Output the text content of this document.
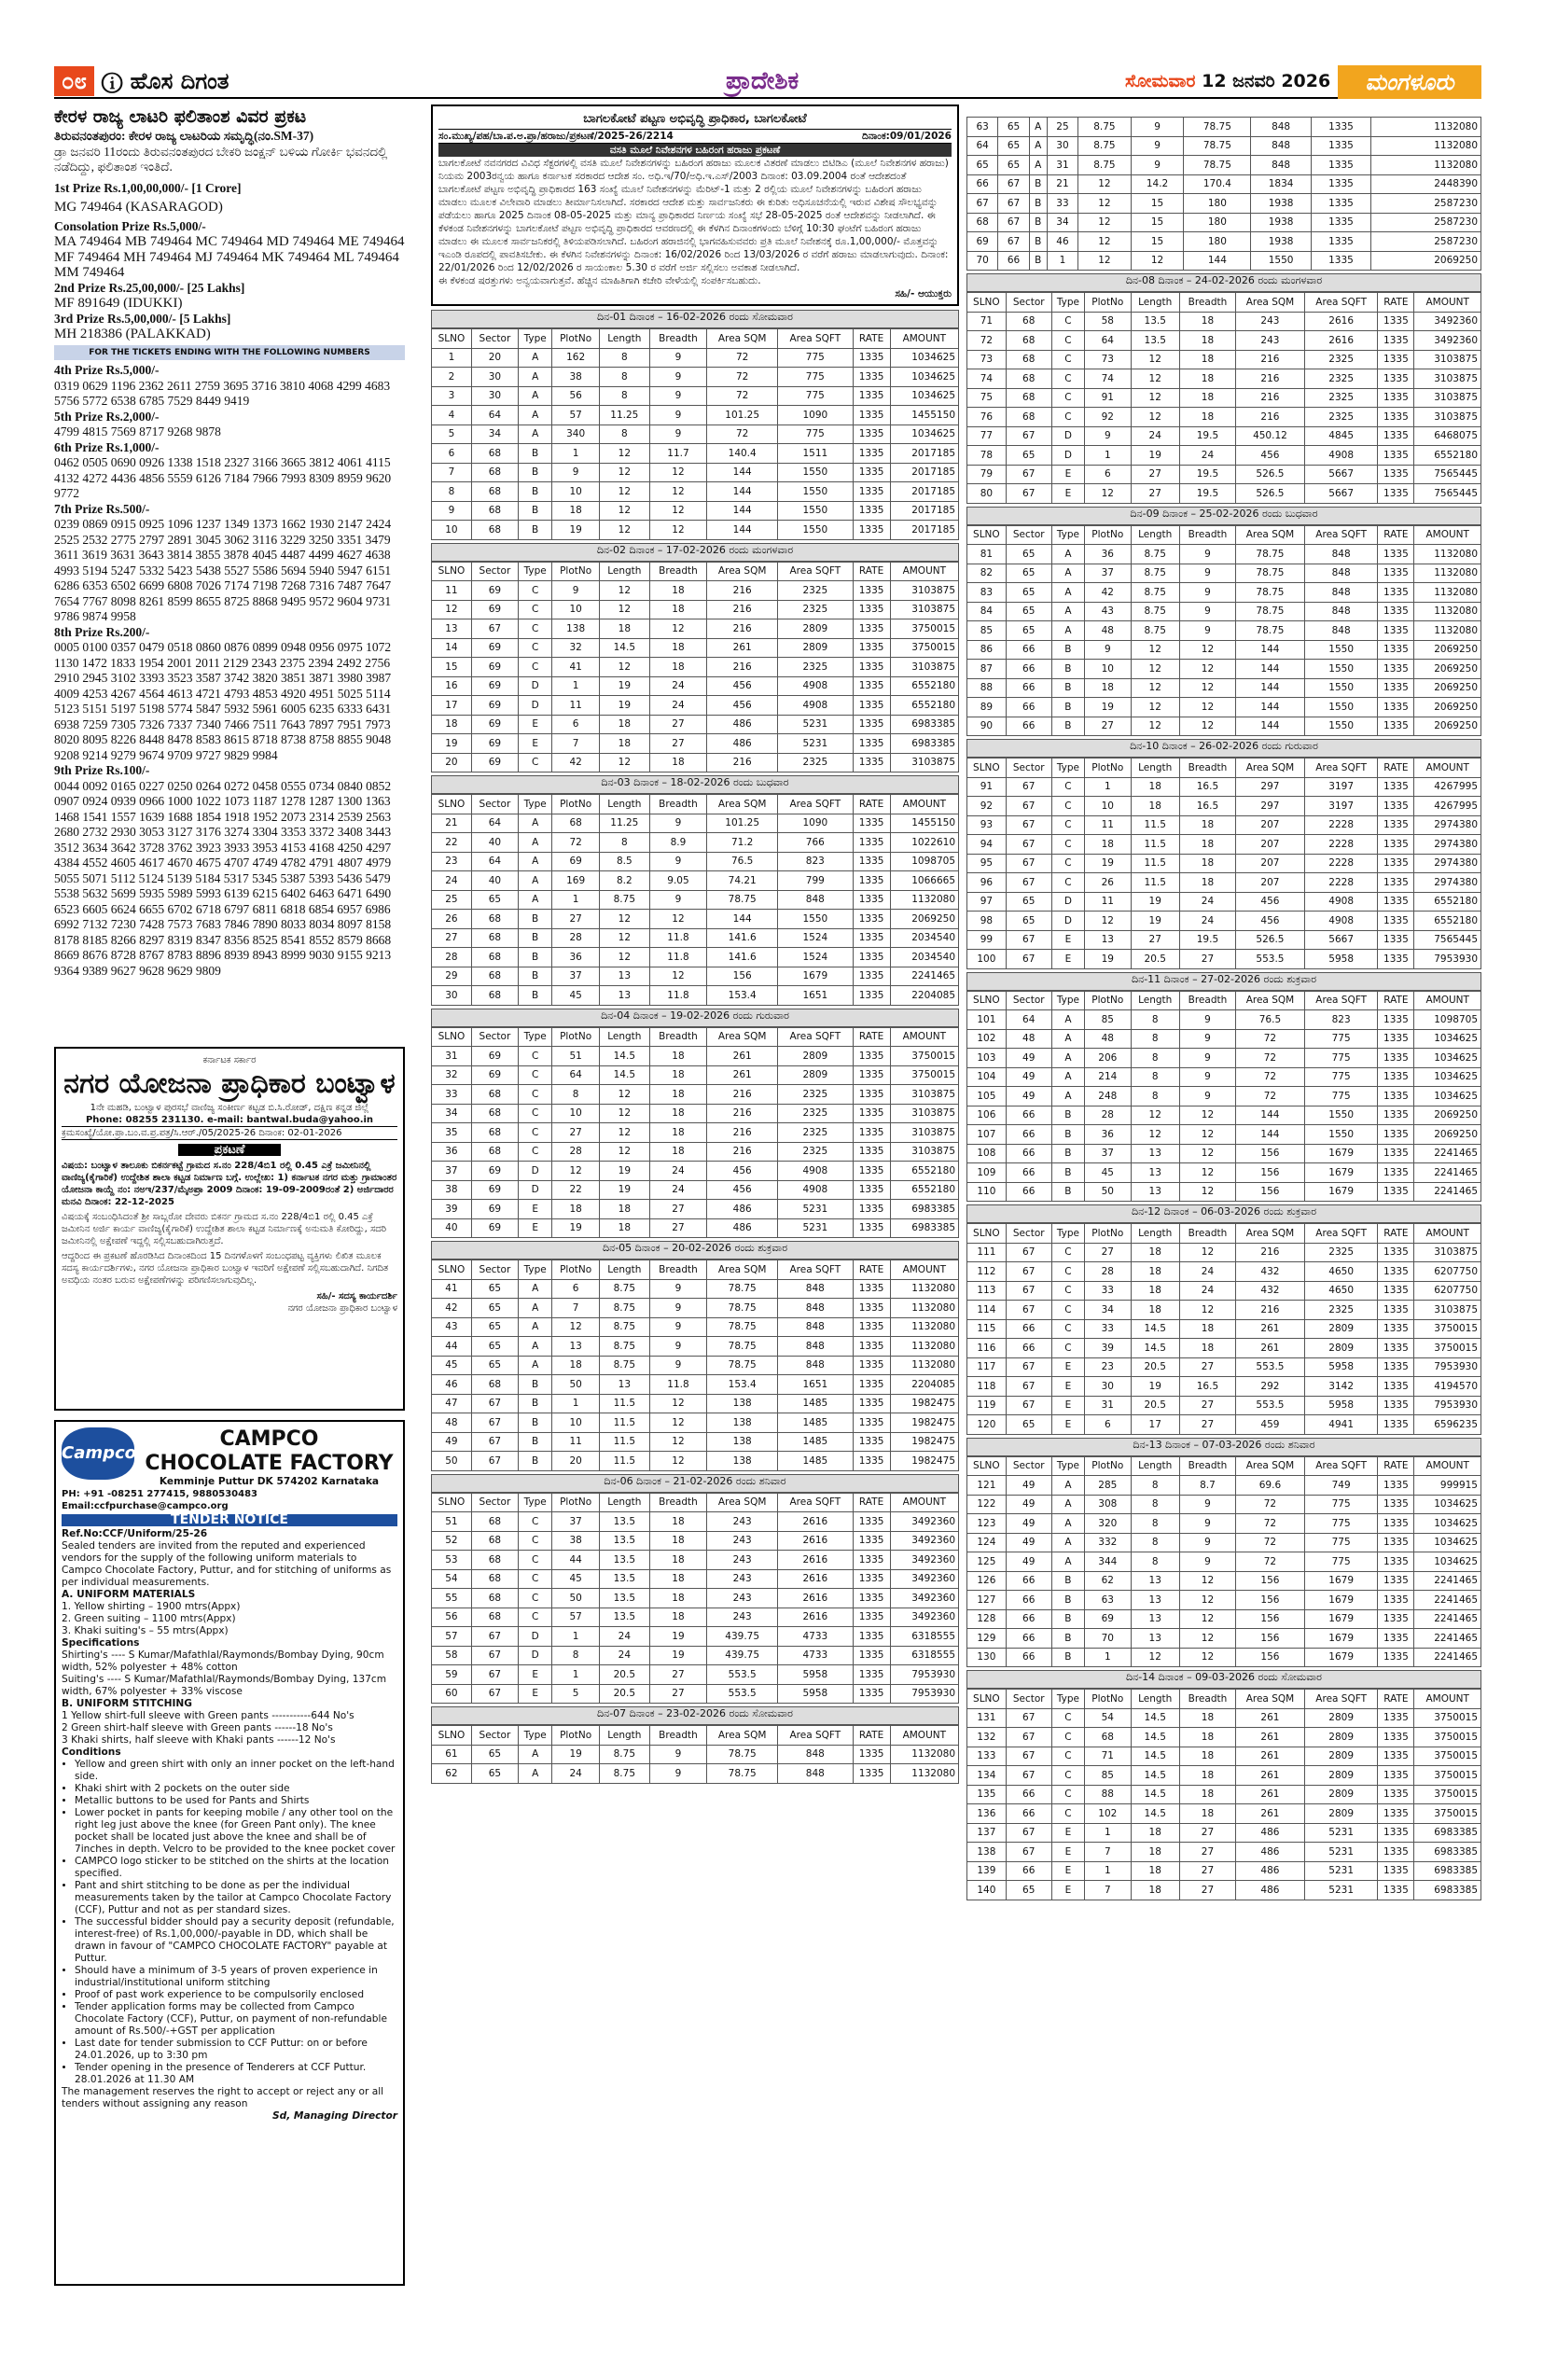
೦೮ ⓘ ಹೊಸ ದಿಗಂತ	ಪ್ರಾದೇಶಿಕ	ಸೋಮವಾರ 12 ಜನವರಿ 2026	ಮಂಗಳೂರು
ಕೇರಳ ರಾಜ್ಯ ಲಾಟರಿ ಫಲಿತಾಂಶ ವಿವರ ಪ್ರಕಟ
ತಿರುವನಂತಪುರಂ: ಕೇರಳ ರಾಜ್ಯ ಲಾಟರಿಯ ಸಮೃದ್ಧಿ(ನಂ.SM-37)
ಡ್ರಾ ಜನವರಿ 11ರಂದು ತಿರುವನಂತಪುರದ ಬೇಕರಿ ಜಂಕ್ಷನ್ ಬಳಿಯ ಗೋರ್ಕಿ ಭವನದಲ್ಲಿ ನಡೆದಿದ್ದು, ಫಲಿತಾಂಶ ಇಂತಿದೆ.
1st Prize Rs.1,00,00,000/- [1 Crore]
MG 749464 (KASARAGOD)
Consolation Prize Rs.5,000/-
MA 749464 MB 749464 MC 749464 MD 749464 ME 749464 MF 749464 MH 749464 MJ 749464 MK 749464 ML 749464 MM 749464
2nd Prize Rs.25,00,000/- [25 Lakhs]
MF 891649 (IDUKKI)
3rd Prize Rs.5,00,000/- [5 Lakhs]
MH 218386 (PALAKKAD)
FOR THE TICKETS ENDING WITH THE FOLLOWING NUMBERS
4th Prize Rs.5,000/-
0319 0629 1196 2362 2611 2759 3695 3716 3810 4068 4299 4683 5756 5772 6538 6785 7529 8449 9419
5th Prize Rs.2,000/-
4799 4815 7569 8717 9268 9878
6th Prize Rs.1,000/-
0462 0505 0690 0926 1338 1518 2327 3166 3665 3812 4061 4115 4132 4272 4436 4856 5559 6126 7184 7966 7993 8309 8959 9620 9772
7th Prize Rs.500/-
0239 0869 0915 0925 1096 1237 1349 1373 1662 1930 2147 2424 2525 2532 2775 2797 2891 3045 3062 3116 3229 3250 3351 3479 3611 3619 3631 3643 3814 3855 3878 4045 4487 4499 4627 4638 4993 5194 5247 5332 5423 5438 5527 5586 5694 5940 5947 6151 6286 6353 6502 6699 6808 7026 7174 7198 7268 7316 7487 7647 7654 7767 8098 8261 8599 8655 8725 8868 9495 9572 9604 9731 9786 9874 9958
8th Prize Rs.200/-
0005 0100 0357 0479 0518 0860 0876 0899 0948 0956 0975 1072 1130 1472 1833 1954 2001 2011 2129 2343 2375 2394 2492 2756 2910 2945 3102 3393 3523 3587 3742 3820 3851 3871 3980 3987 4009 4253 4267 4564 4613 4721 4793 4853 4920 4951 5025 5114 5123 5151 5197 5198 5774 5847 5932 5961 6005 6235 6333 6431 6938 7259 7305 7326 7337 7340 7466 7511 7643 7897 7951 7973 8020 8095 8226 8448 8478 8583 8615 8718 8738 8758 8855 9048 9208 9214 9279 9674 9709 9727 9829 9984
9th Prize Rs.100/-
0044 0092 0165 0227 0250 0264 0272 0458 0555 0734 0840 0852 0907 0924 0939 0966 1000 1022 1073 1187 1278 1287 1300 1363 1468 1541 1557 1639 1688 1854 1918 1952 2073 2314 2539 2563 2680 2732 2930 3053 3127 3176 3274 3304 3353 3372 3408 3443 3512 3634 3642 3728 3762 3923 3933 3953 4153 4168 4250 4297 4384 4552 4605 4617 4670 4675 4707 4749 4782 4791 4807 4979 5055 5071 5112 5124 5139 5184 5317 5345 5387 5393 5436 5479 5538 5632 5699 5935 5989 5993 6139 6215 6402 6463 6471 6490 6523 6605 6624 6655 6702 6718 6797 6811 6818 6854 6957 6986 6992 7132 7230 7428 7573 7683 7846 7890 8033 8034 8097 8158 8178 8185 8266 8297 8319 8347 8356 8525 8541 8552 8579 8668 8669 8676 8728 8767 8783 8896 8939 8943 8999 9030 9155 9213 9364 9389 9627 9628 9629 9809
ಕರ್ನಾಟಕ ಸರ್ಕಾರ
ನಗರ ಯೋಜನಾ ಪ್ರಾಧಿಕಾರ ಬಂಟ್ವಾಳ
1ನೇ ಮಹಡಿ, ಬಂಟ್ವಾಳ ಪುರಸಭೆ ವಾಣಿಜ್ಯ ಸಂಕೀರ್ಣ ಕಟ್ಟಡ ಬಿ.ಸಿ.ರೋಡ್, ದಕ್ಷಿಣ ಕನ್ನಡ ಜಿಲ್ಲೆ
Phone: 08255 231130. e-mail: bantwal.buda@yahoo.in
ಕ್ರಮಸಂಖ್ಯೆ/ಯೋ.ಪ್ರಾ.ಬಂ.ವ.ಪ್ರ.ಪತ್ರ/ಸಿ.ಆರ್./05/2025-26 ದಿನಾಂಕ: 02-01-2026
ಪ್ರಕಟಣೆ
ವಿಷಯ: ಬಂಟ್ವಾಳ ತಾಲೂಕು ಬಿಕರ್ನಕಟ್ಟೆ ಗ್ರಾಮದ ಸ.ನಂ 228/4ಬಿ1 ರಲ್ಲಿ 0.45 ಎಕ್ರೆ ಜಮೀನಿನಲ್ಲಿ ವಾಣಿಜ್ಯ(ಕೈಗಾರಿಕೆ) ಉದ್ದೇಶಿತ ಶಾಲಾ ಕಟ್ಟಡ ನಿರ್ಮಾಣ ಬಗ್ಗೆ. ಉಲ್ಲೇಖ: 1) ಕರ್ನಾಟಕ ನಗರ ಮತ್ತು ಗ್ರಾಮಾಂತರ ಯೋಜನಾ ಕಾಯ್ದೆ ನಂ: ನಅಇ/237/ಮೈಅಪ್ರಾ 2009 ದಿನಾಂಕ: 19-09-2009ರಂತೆ 2) ಅರ್ಜಿದಾರರ ಮನವಿ ದಿನಾಂಕ: 22-12-2025
ವಿಷಯಕ್ಕೆ ಸಂಬಂಧಿಸಿದಂತೆ ಶ್ರೀ ಸಾಬ್ಲರೋ ದೇವರು ಬಿಕರ್ನ ಗ್ರಾಮದ ಸ.ನಂ 228/4ಬಿ1 ರಲ್ಲಿ 0.45 ಎಕ್ರೆ ಜಮೀನಿನ ಅರ್ಜಿ ಕಾರ್ಯ ವಾಣಿಜ್ಯ(ಕೈಗಾರಿಕೆ) ಉದ್ದೇಶಿತ ಶಾಲಾ ಕಟ್ಟಡ ನಿರ್ಮಾಣಕ್ಕೆ ಅನುಮತಿ ಕೋರಿದ್ದು, ಸದರಿ ಜಮೀನಿನಲ್ಲಿ ಅಕ್ಷೇಪಣೆ ಇದ್ದಲ್ಲಿ ಸಲ್ಲಿಸಬಹುದಾಗಿರುತ್ತದೆ.
ಆದ್ದರಿಂದ ಈ ಪ್ರಕಟಣೆ ಹೊರಡಿಸಿದ ದಿನಾಂಕದಿಂದ 15 ದಿನಗಳೊಳಗೆ ಸಂಬಂಧಪಟ್ಟ ವ್ಯಕ್ತಿಗಳು ಲಿಖಿತ ಮೂಲಕ ಸದಸ್ಯ ಕಾರ್ಯದರ್ಶಿಗಳು, ನಗರ ಯೋಜನಾ ಪ್ರಾಧಿಕಾರ ಬಂಟ್ವಾಳ ಇವರಿಗೆ ಅಕ್ಷೇಪಣೆ ಸಲ್ಲಿಸಬಹುದಾಗಿದೆ. ನಿಗದಿತ ಅವಧಿಯ ನಂತರ ಬರುವ ಅಕ್ಷೇಪಣೆಗಳನ್ನು ಪರಿಗಣಿಸಲಾಗುವುದಿಲ್ಲ.
ಸಹಿ/- ಸದಸ್ಯ ಕಾರ್ಯದರ್ಶಿ
ನಗರ ಯೋಜನಾ ಪ್ರಾಧಿಕಾರ ಬಂಟ್ವಾಳ
Campco
CAMPCO
CHOCOLATE FACTORY
Kemminje Puttur DK 574202 Karnataka
PH: +91 -08251 277415, 9880530483 Email:ccfpurchase@campco.org
TENDER NOTICE
Ref.No:CCF/Uniform/25-26
Sealed tenders are invited from the reputed and experienced vendors for the supply of the following uniform materials to Campco Chocolate Factory, Puttur, and for stitching of uniforms as per individual measurements.
A. UNIFORM MATERIALS
1. Yellow shirting – 1900 mtrs(Appx)
2. Green suiting – 1100 mtrs(Appx)
3. Khaki suiting's – 55 mtrs(Appx)
Specifications
Shirting's ---- S Kumar/Mafathlal/Raymonds/Bombay Dying, 90cm width, 52% polyester + 48% cotton
Suiting's ---- S Kumar/Mafathlal/Raymonds/Bombay Dying, 137cm width, 67% polyester + 33% viscose
B. UNIFORM STITCHING
1 Yellow shirt-full sleeve with Green pants -----------644 No's
2 Green shirt-half sleeve with Green pants ------18 No's
3 Khaki shirts, half sleeve with Khaki pants ------12 No's
Conditions
• Yellow and green shirt with only an inner pocket on the left-hand side.
• Khaki shirt with 2 pockets on the outer side
• Metallic buttons to be used for Pants and Shirts
• Lower pocket in pants for keeping mobile / any other tool on the right leg just above the knee (for Green Pant only). The knee pocket shall be located just above the knee and shall be of 7inches in depth. Velcro to be provided to the knee pocket cover
• CAMPCO logo sticker to be stitched on the shirts at the location specified.
• Pant and shirt stitching to be done as per the individual measurements taken by the tailor at Campco Chocolate Factory (CCF), Puttur and not as per standard sizes.
• The successful bidder should pay a security deposit (refundable, interest-free) of Rs.1,00,000/-payable in DD, which shall be drawn in favour of "CAMPCO CHOCOLATE FACTORY" payable at Puttur.
• Should have a minimum of 3-5 years of proven experience in industrial/institutional uniform stitching
• Proof of past work experience to be compulsorily enclosed
• Tender application forms may be collected from Campco Chocolate Factory (CCF), Puttur, on payment of non-refundable amount of Rs.500/-+GST per application
• Last date for tender submission to CCF Puttur: on or before 24.01.2026, up to 3:30 pm
• Tender opening in the presence of Tenderers at CCF Puttur. 28.01.2026 at 11.30 AM
The management reserves the right to accept or reject any or all tenders without assigning any reason
Sd, Managing Director
ಬಾಗಲಕೋಟೆ ಪಟ್ಟಣ ಅಭಿವೃದ್ಧಿ ಪ್ರಾಧಿಕಾರ, ಬಾಗಲಕೋಟೆ
ಸಂ.ಮುಖ್ಯ/ಪಹ/ಬಾ.ಪ.ಅ.ಪ್ರಾ/ಹರಾಜು/ಪ್ರಕಟಣೆ/2025-26/2214	ದಿನಾಂಕ:09/01/2026
ವಸತಿ ಮೂಲೆ ನಿವೇಶನಗಳ ಬಹಿರಂಗ ಹರಾಜು ಪ್ರಕಟಣೆ
ಬಾಗಲಕೋಟೆ ನವನಗರದ ವಿವಿಧ ಸೆಕ್ಟರಗಳಲ್ಲಿ ವಸತಿ ಮೂಲೆ ನಿವೇಶನಗಳನ್ನು ಬಹಿರಂಗ ಹರಾಜು ಮೂಲಕ ವಿತರಣೆ ಮಾಡಲು ಬಿಟಿಡಿಎ (ಮೂಲೆ ನಿವೇಶನಗಳ ಹರಾಜು) ನಿಯಮ 2003ರನ್ವಯ ಹಾಗೂ ಕರ್ನಾಟಕ ಸರಕಾರದ ಆದೇಶ ಸಂ. ಅಧಿ.ಇ/70/ಅಧಿ.ಇ.ಎಸ್/2003 ದಿನಾಂಕ: 03.09.2004 ರಂತೆ ಆದೇಶದಂತೆ ಬಾಗಲಕೋಟೆ ಪಟ್ಟಣ ಅಭಿವೃದ್ಧಿ ಪ್ರಾಧಿಕಾರದ 163 ಸಂಖ್ಯೆ ಮೂಲೆ ನಿವೇಶನಗಳನ್ನು ಮೆರಿಟ್-1 ಮತ್ತು 2 ರಲ್ಲಿಯ ಮೂಲೆ ನಿವೇಶನಗಳನ್ನು ಬಹಿರಂಗ ಹರಾಜು ಮಾಡಲು ಮೂಲಕ ವಿಲೇವಾರಿ ಮಾಡಲು ತೀರ್ಮಾನಿಸಲಾಗಿದೆ. ಸರಕಾರದ ಆದೇಶ ಮತ್ತು ಸಾರ್ವಜನಿಕರು ಈ ಕುರಿತು ಅಧಿಸೂಚನೆಯಲ್ಲಿ ಇರುವ ವಿಶೇಷ ಸೌಲಭ್ಯವನ್ನು ಪಡೆಯಲು ಹಾಗೂ 2025 ದಿನಾಂಕ 08-05-2025 ಮತ್ತು ಮಾನ್ಯ ಪ್ರಾಧಿಕಾರದ ನಿರ್ಣಯ ಸಂಖ್ಯೆ ಸಭೆ 28-05-2025 ರಂತೆ ಆದೇಶವನ್ನು ನೀಡಲಾಗಿದೆ. ಈ ಕೆಳಕಂಡ ನಿವೇಶನಗಳನ್ನು ಬಾಗಲಕೋಟೆ ಪಟ್ಟಣ ಅಭಿವೃದ್ಧಿ ಪ್ರಾಧಿಕಾರದ ಆವರಣದಲ್ಲಿ ಈ ಕೆಳಗಿನ ದಿನಾಂಕಗಳಂದು ಬೆಳಿಗ್ಗೆ 10:30 ಘಂಟೆಗೆ ಬಹಿರಂಗ ಹರಾಜು ಮಾಡಲು ಈ ಮೂಲಕ ಸಾರ್ವಜನಿಕರಲ್ಲಿ ತಿಳಿಯಪಡಿಸಲಾಗಿದೆ. ಬಹಿರಂಗ ಹರಾಜಿನಲ್ಲಿ ಭಾಗವಹಿಸುವವರು ಪ್ರತಿ ಮೂಲೆ ನಿವೇಶನಕ್ಕೆ ರೂ.1,00,000/- ಮೊತ್ತವನ್ನು ಇಎಂಡಿ ರೂಪದಲ್ಲಿ ಪಾವತಿಸಬೇಕು. ಈ ಕೆಳಗಿನ ನಿವೇಶನಗಳನ್ನು ದಿನಾಂಕ: 16/02/2026 ರಿಂದ 13/03/2026 ರ ವರೆಗೆ ಹರಾಜು ಮಾಡಲಾಗುವುದು. ದಿನಾಂಕ: 22/01/2026 ರಿಂದ 12/02/2026 ರ ಸಾಯಂಕಾಲ 5.30 ರ ವರೆಗೆ ಅರ್ಜಿ ಸಲ್ಲಿಸಲು ಅವಕಾಶ ನೀಡಲಾಗಿದೆ.
ಈ ಕೆಳಕಂಡ ಷರತ್ತುಗಳು ಅನ್ವಯವಾಗುತ್ತವೆ. ಹೆಚ್ಚಿನ ಮಾಹಿತಿಗಾಗಿ ಕಚೇರಿ ವೇಳೆಯಲ್ಲಿ ಸಂಪರ್ಕಿಸಬಹುದು.
ಸಹಿ/- ಆಯುಕ್ತರು
ದಿನ-01 ದಿನಾಂಕ – 16-02-2026 ರಂದು ಸೋಮವಾರ
SLNO	Sector	Type	PlotNo	Length	Breadth	Area SQM	Area SQFT	RATE	AMOUNT
1	20	A	162	8	9	72	775	1335	1034625
2	30	A	38	8	9	72	775	1335	1034625
3	30	A	56	8	9	72	775	1335	1034625
4	64	A	57	11.25	9	101.25	1090	1335	1455150
5	34	A	340	8	9	72	775	1335	1034625
6	68	B	1	12	11.7	140.4	1511	1335	2017185
7	68	B	9	12	12	144	1550	1335	2017185
8	68	B	10	12	12	144	1550	1335	2017185
9	68	B	18	12	12	144	1550	1335	2017185
10	68	B	19	12	12	144	1550	1335	2017185
ದಿನ-02 ದಿನಾಂಕ – 17-02-2026 ರಂದು ಮಂಗಳವಾರ
SLNO	Sector	Type	PlotNo	Length	Breadth	Area SQM	Area SQFT	RATE	AMOUNT
11	69	C	9	12	18	216	2325	1335	3103875
12	69	C	10	12	18	216	2325	1335	3103875
13	67	C	138	18	12	216	2809	1335	3750015
14	69	C	32	14.5	18	261	2809	1335	3750015
15	69	C	41	12	18	216	2325	1335	3103875
16	69	D	1	19	24	456	4908	1335	6552180
17	69	D	11	19	24	456	4908	1335	6552180
18	69	E	6	18	27	486	5231	1335	6983385
19	69	E	7	18	27	486	5231	1335	6983385
20	69	C	42	12	18	216	2325	1335	3103875
ದಿನ-03 ದಿನಾಂಕ – 18-02-2026 ರಂದು ಬುಧವಾರ
SLNO	Sector	Type	PlotNo	Length	Breadth	Area SQM	Area SQFT	RATE	AMOUNT
21	64	A	68	11.25	9	101.25	1090	1335	1455150
22	40	A	72	8	8.9	71.2	766	1335	1022610
23	64	A	69	8.5	9	76.5	823	1335	1098705
24	40	A	169	8.2	9.05	74.21	799	1335	1066665
25	65	A	1	8.75	9	78.75	848	1335	1132080
26	68	B	27	12	12	144	1550	1335	2069250
27	68	B	28	12	11.8	141.6	1524	1335	2034540
28	68	B	36	12	11.8	141.6	1524	1335	2034540
29	68	B	37	13	12	156	1679	1335	2241465
30	68	B	45	13	11.8	153.4	1651	1335	2204085
ದಿನ-04 ದಿನಾಂಕ – 19-02-2026 ರಂದು ಗುರುವಾರ
SLNO	Sector	Type	PlotNo	Length	Breadth	Area SQM	Area SQFT	RATE	AMOUNT
31	69	C	51	14.5	18	261	2809	1335	3750015
32	69	C	64	14.5	18	261	2809	1335	3750015
33	68	C	8	12	18	216	2325	1335	3103875
34	68	C	10	12	18	216	2325	1335	3103875
35	68	C	27	12	18	216	2325	1335	3103875
36	68	C	28	12	18	216	2325	1335	3103875
37	69	D	12	19	24	456	4908	1335	6552180
38	69	D	22	19	24	456	4908	1335	6552180
39	69	E	18	18	27	486	5231	1335	6983385
40	69	E	19	18	27	486	5231	1335	6983385
ದಿನ-05 ದಿನಾಂಕ – 20-02-2026 ರಂದು ಶುಕ್ರವಾರ
SLNO	Sector	Type	PlotNo	Length	Breadth	Area SQM	Area SQFT	RATE	AMOUNT
41	65	A	6	8.75	9	78.75	848	1335	1132080
42	65	A	7	8.75	9	78.75	848	1335	1132080
43	65	A	12	8.75	9	78.75	848	1335	1132080
44	65	A	13	8.75	9	78.75	848	1335	1132080
45	65	A	18	8.75	9	78.75	848	1335	1132080
46	68	B	50	13	11.8	153.4	1651	1335	2204085
47	67	B	1	11.5	12	138	1485	1335	1982475
48	67	B	10	11.5	12	138	1485	1335	1982475
49	67	B	11	11.5	12	138	1485	1335	1982475
50	67	B	20	11.5	12	138	1485	1335	1982475
ದಿನ-06 ದಿನಾಂಕ – 21-02-2026 ರಂದು ಶನಿವಾರ
SLNO	Sector	Type	PlotNo	Length	Breadth	Area SQM	Area SQFT	RATE	AMOUNT
51	68	C	37	13.5	18	243	2616	1335	3492360
52	68	C	38	13.5	18	243	2616	1335	3492360
53	68	C	44	13.5	18	243	2616	1335	3492360
54	68	C	45	13.5	18	243	2616	1335	3492360
55	68	C	50	13.5	18	243	2616	1335	3492360
56	68	C	57	13.5	18	243	2616	1335	3492360
57	67	D	1	24	19	439.75	4733	1335	6318555
58	67	D	8	24	19	439.75	4733	1335	6318555
59	67	E	1	20.5	27	553.5	5958	1335	7953930
60	67	E	5	20.5	27	553.5	5958	1335	7953930
ದಿನ-07 ದಿನಾಂಕ – 23-02-2026 ರಂದು ಸೋಮವಾರ
SLNO	Sector	Type	PlotNo	Length	Breadth	Area SQM	Area SQFT	RATE	AMOUNT
61	65	A	19	8.75	9	78.75	848	1335	1132080
62	65	A	24	8.75	9	78.75	848	1335	1132080
63	65	A	25	8.75	9	78.75	848	1335	1132080
64	65	A	30	8.75	9	78.75	848	1335	1132080
65	65	A	31	8.75	9	78.75	848	1335	1132080
66	67	B	21	12	14.2	170.4	1834	1335	2448390
67	67	B	33	12	15	180	1938	1335	2587230
68	67	B	34	12	15	180	1938	1335	2587230
69	67	B	46	12	15	180	1938	1335	2587230
70	66	B	1	12	12	144	1550	1335	2069250
ದಿನ-08 ದಿನಾಂಕ – 24-02-2026 ರಂದು ಮಂಗಳವಾರ
SLNO	Sector	Type	PlotNo	Length	Breadth	Area SQM	Area SQFT	RATE	AMOUNT
71	68	C	58	13.5	18	243	2616	1335	3492360
72	68	C	64	13.5	18	243	2616	1335	3492360
73	68	C	73	12	18	216	2325	1335	3103875
74	68	C	74	12	18	216	2325	1335	3103875
75	68	C	91	12	18	216	2325	1335	3103875
76	68	C	92	12	18	216	2325	1335	3103875
77	67	D	9	24	19.5	450.12	4845	1335	6468075
78	65	D	1	19	24	456	4908	1335	6552180
79	67	E	6	27	19.5	526.5	5667	1335	7565445
80	67	E	12	27	19.5	526.5	5667	1335	7565445
ದಿನ-09 ದಿನಾಂಕ – 25-02-2026 ರಂದು ಬುಧವಾರ
SLNO	Sector	Type	PlotNo	Length	Breadth	Area SQM	Area SQFT	RATE	AMOUNT
81	65	A	36	8.75	9	78.75	848	1335	1132080
82	65	A	37	8.75	9	78.75	848	1335	1132080
83	65	A	42	8.75	9	78.75	848	1335	1132080
84	65	A	43	8.75	9	78.75	848	1335	1132080
85	65	A	48	8.75	9	78.75	848	1335	1132080
86	66	B	9	12	12	144	1550	1335	2069250
87	66	B	10	12	12	144	1550	1335	2069250
88	66	B	18	12	12	144	1550	1335	2069250
89	66	B	19	12	12	144	1550	1335	2069250
90	66	B	27	12	12	144	1550	1335	2069250
ದಿನ-10 ದಿನಾಂಕ – 26-02-2026 ರಂದು ಗುರುವಾರ
SLNO	Sector	Type	PlotNo	Length	Breadth	Area SQM	Area SQFT	RATE	AMOUNT
91	67	C	1	18	16.5	297	3197	1335	4267995
92	67	C	10	18	16.5	297	3197	1335	4267995
93	67	C	11	11.5	18	207	2228	1335	2974380
94	67	C	18	11.5	18	207	2228	1335	2974380
95	67	C	19	11.5	18	207	2228	1335	2974380
96	67	C	26	11.5	18	207	2228	1335	2974380
97	65	D	11	19	24	456	4908	1335	6552180
98	65	D	12	19	24	456	4908	1335	6552180
99	67	E	13	27	19.5	526.5	5667	1335	7565445
100	67	E	19	20.5	27	553.5	5958	1335	7953930
ದಿನ-11 ದಿನಾಂಕ – 27-02-2026 ರಂದು ಶುಕ್ರವಾರ
SLNO	Sector	Type	PlotNo	Length	Breadth	Area SQM	Area SQFT	RATE	AMOUNT
101	64	A	85	8	9	76.5	823	1335	1098705
102	48	A	48	8	9	72	775	1335	1034625
103	49	A	206	8	9	72	775	1335	1034625
104	49	A	214	8	9	72	775	1335	1034625
105	49	A	248	8	9	72	775	1335	1034625
106	66	B	28	12	12	144	1550	1335	2069250
107	66	B	36	12	12	144	1550	1335	2069250
108	66	B	37	13	12	156	1679	1335	2241465
109	66	B	45	13	12	156	1679	1335	2241465
110	66	B	50	13	12	156	1679	1335	2241465
ದಿನ-12 ದಿನಾಂಕ – 06-03-2026 ರಂದು ಶುಕ್ರವಾರ
SLNO	Sector	Type	PlotNo	Length	Breadth	Area SQM	Area SQFT	RATE	AMOUNT
111	67	C	27	18	12	216	2325	1335	3103875
112	67	C	28	18	24	432	4650	1335	6207750
113	67	C	33	18	24	432	4650	1335	6207750
114	67	C	34	18	12	216	2325	1335	3103875
115	66	C	33	14.5	18	261	2809	1335	3750015
116	66	C	39	14.5	18	261	2809	1335	3750015
117	67	E	23	20.5	27	553.5	5958	1335	7953930
118	67	E	30	19	16.5	292	3142	1335	4194570
119	67	E	31	20.5	27	553.5	5958	1335	7953930
120	65	E	6	17	27	459	4941	1335	6596235
ದಿನ-13 ದಿನಾಂಕ – 07-03-2026 ರಂದು ಶನಿವಾರ
SLNO	Sector	Type	PlotNo	Length	Breadth	Area SQM	Area SQFT	RATE	AMOUNT
121	49	A	285	8	8.7	69.6	749	1335	999915
122	49	A	308	8	9	72	775	1335	1034625
123	49	A	320	8	9	72	775	1335	1034625
124	49	A	332	8	9	72	775	1335	1034625
125	49	A	344	8	9	72	775	1335	1034625
126	66	B	62	13	12	156	1679	1335	2241465
127	66	B	63	13	12	156	1679	1335	2241465
128	66	B	69	13	12	156	1679	1335	2241465
129	66	B	70	13	12	156	1679	1335	2241465
130	66	B	1	12	12	156	1679	1335	2241465
ದಿನ-14 ದಿನಾಂಕ – 09-03-2026 ರಂದು ಸೋಮವಾರ
SLNO	Sector	Type	PlotNo	Length	Breadth	Area SQM	Area SQFT	RATE	AMOUNT
131	67	C	54	14.5	18	261	2809	1335	3750015
132	67	C	68	14.5	18	261	2809	1335	3750015
133	67	C	71	14.5	18	261	2809	1335	3750015
134	67	C	85	14.5	18	261	2809	1335	3750015
135	66	C	88	14.5	18	261	2809	1335	3750015
136	66	C	102	14.5	18	261	2809	1335	3750015
137	67	E	1	18	27	486	5231	1335	6983385
138	67	E	7	18	27	486	5231	1335	6983385
139	66	E	1	18	27	486	5231	1335	6983385
140	65	E	7	18	27	486	5231	1335	6983385
